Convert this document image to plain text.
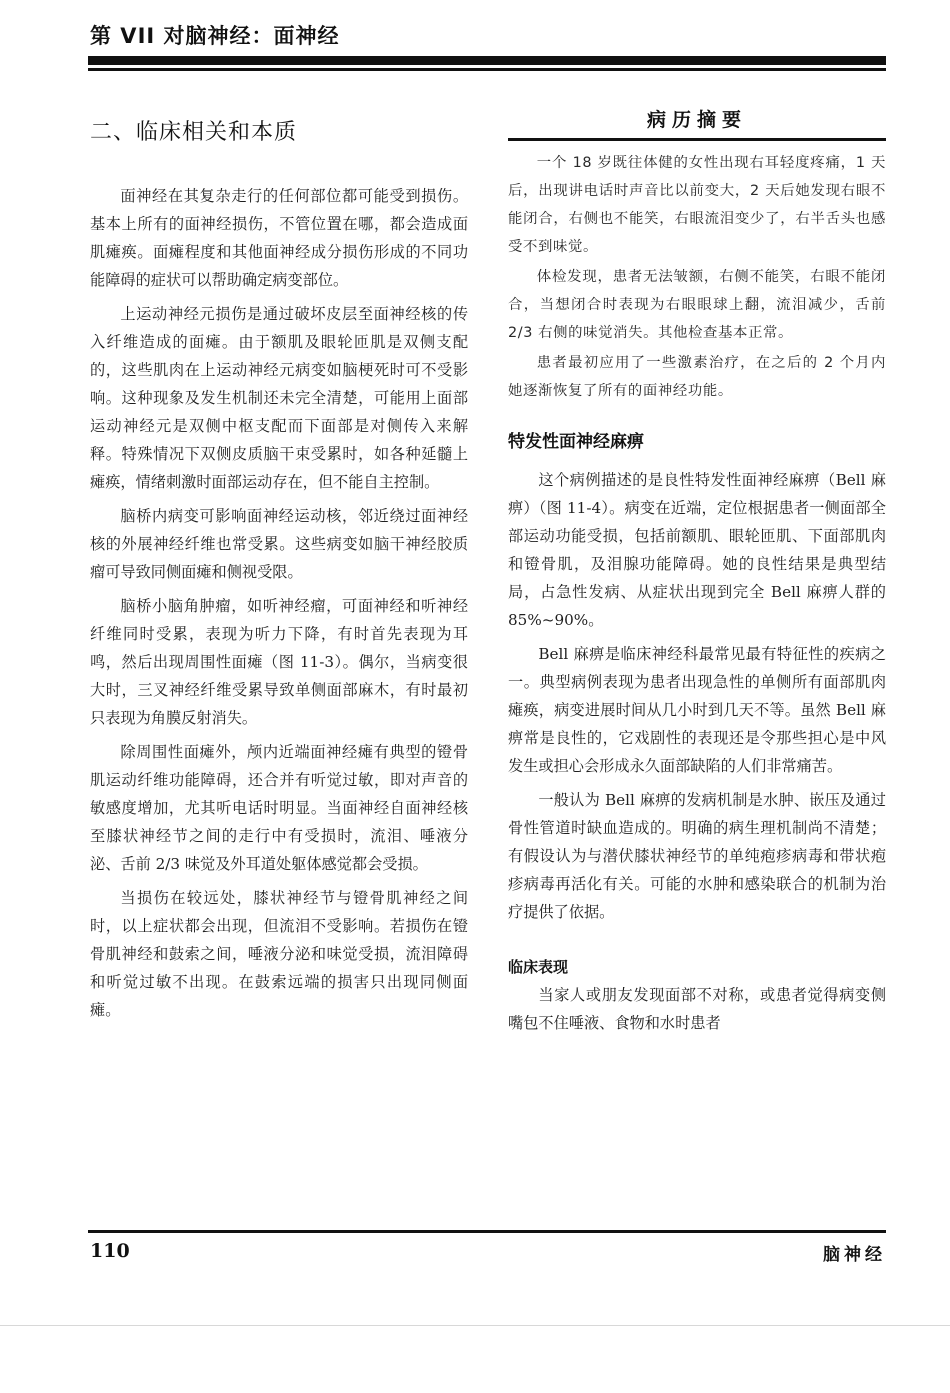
第 VII 对脑神经：面神经
二、临床相关和本质

面神经在其复杂走行的任何部位都可能受到损伤。基本上所有的面神经损伤，不管位置在哪，都会造成面肌瘫痪。面瘫程度和其他面神经成分损伤形成的不同功能障碍的症状可以帮助确定病变部位。

上运动神经元损伤是通过破坏皮层至面神经核的传入纤维造成的面瘫。由于额肌及眼轮匝肌是双侧支配的，这些肌肉在上运动神经元病变如脑梗死时可不受影响。这种现象及发生机制还未完全清楚，可能用上面部运动神经元是双侧中枢支配而下面部是对侧传入来解释。特殊情况下双侧皮质脑干束受累时，如各种延髓上瘫痪，情绪刺激时面部运动存在，但不能自主控制。

脑桥内病变可影响面神经运动核，邻近绕过面神经核的外展神经纤维也常受累。这些病变如脑干神经胶质瘤可导致同侧面瘫和侧视受限。

脑桥小脑角肿瘤，如听神经瘤，可面神经和听神经纤维同时受累，表现为听力下降，有时首先表现为耳鸣，然后出现周围性面瘫（图 11-3）。偶尔，当病变很大时，三叉神经纤维受累导致单侧面部麻木，有时最初只表现为角膜反射消失。

除周围性面瘫外，颅内近端面神经瘫有典型的镫骨肌运动纤维功能障碍，还合并有听觉过敏，即对声音的敏感度增加，尤其听电话时明显。当面神经自面神经核至膝状神经节之间的走行中有受损时，流泪、唾液分泌、舌前 2/3 味觉及外耳道处躯体感觉都会受损。

当损伤在较远处，膝状神经节与镫骨肌神经之间时，以上症状都会出现，但流泪不受影响。若损伤在镫骨肌神经和鼓索之间，唾液分泌和味觉受损，流泪障碍和听觉过敏不出现。在鼓索远端的损害只出现同侧面瘫。

病历摘要

一个 18 岁既往体健的女性出现右耳轻度疼痛，1 天后，出现讲电话时声音比以前变大，2 天后她发现右眼不能闭合，右侧也不能笑，右眼流泪变少了，右半舌头也感受不到味觉。

体检发现，患者无法皱额，右侧不能笑，右眼不能闭合，当想闭合时表现为右眼眼球上翻，流泪减少，舌前 2/3 右侧的味觉消失。其他检查基本正常。

患者最初应用了一些激素治疗，在之后的 2 个月内她逐渐恢复了所有的面神经功能。

特发性面神经麻痹

这个病例描述的是良性特发性面神经麻痹（Bell 麻痹）（图 11-4）。病变在近端，定位根据患者一侧面部全部运动功能受损，包括前额肌、眼轮匝肌、下面部肌肉和镫骨肌，及泪腺功能障碍。她的良性结果是典型结局，占急性发病、从症状出现到完全 Bell 麻痹人群的 85%~90%。

Bell 麻痹是临床神经科最常见最有特征性的疾病之一。典型病例表现为患者出现急性的单侧所有面部肌肉瘫痪，病变进展时间从几小时到几天不等。虽然 Bell 麻痹常是良性的，它戏剧性的表现还是令那些担心是中风发生或担心会形成永久面部缺陷的人们非常痛苦。

一般认为 Bell 麻痹的发病机制是水肿、嵌压及通过骨性管道时缺血造成的。明确的病生理机制尚不清楚；有假设认为与潜伏膝状神经节的单纯疱疹病毒和带状疱疹病毒再活化有关。可能的水肿和感染联合的机制为治疗提供了依据。

临床表现

当家人或朋友发现面部不对称，或患者觉得病变侧嘴包不住唾液、食物和水时患者

110	脑神经
